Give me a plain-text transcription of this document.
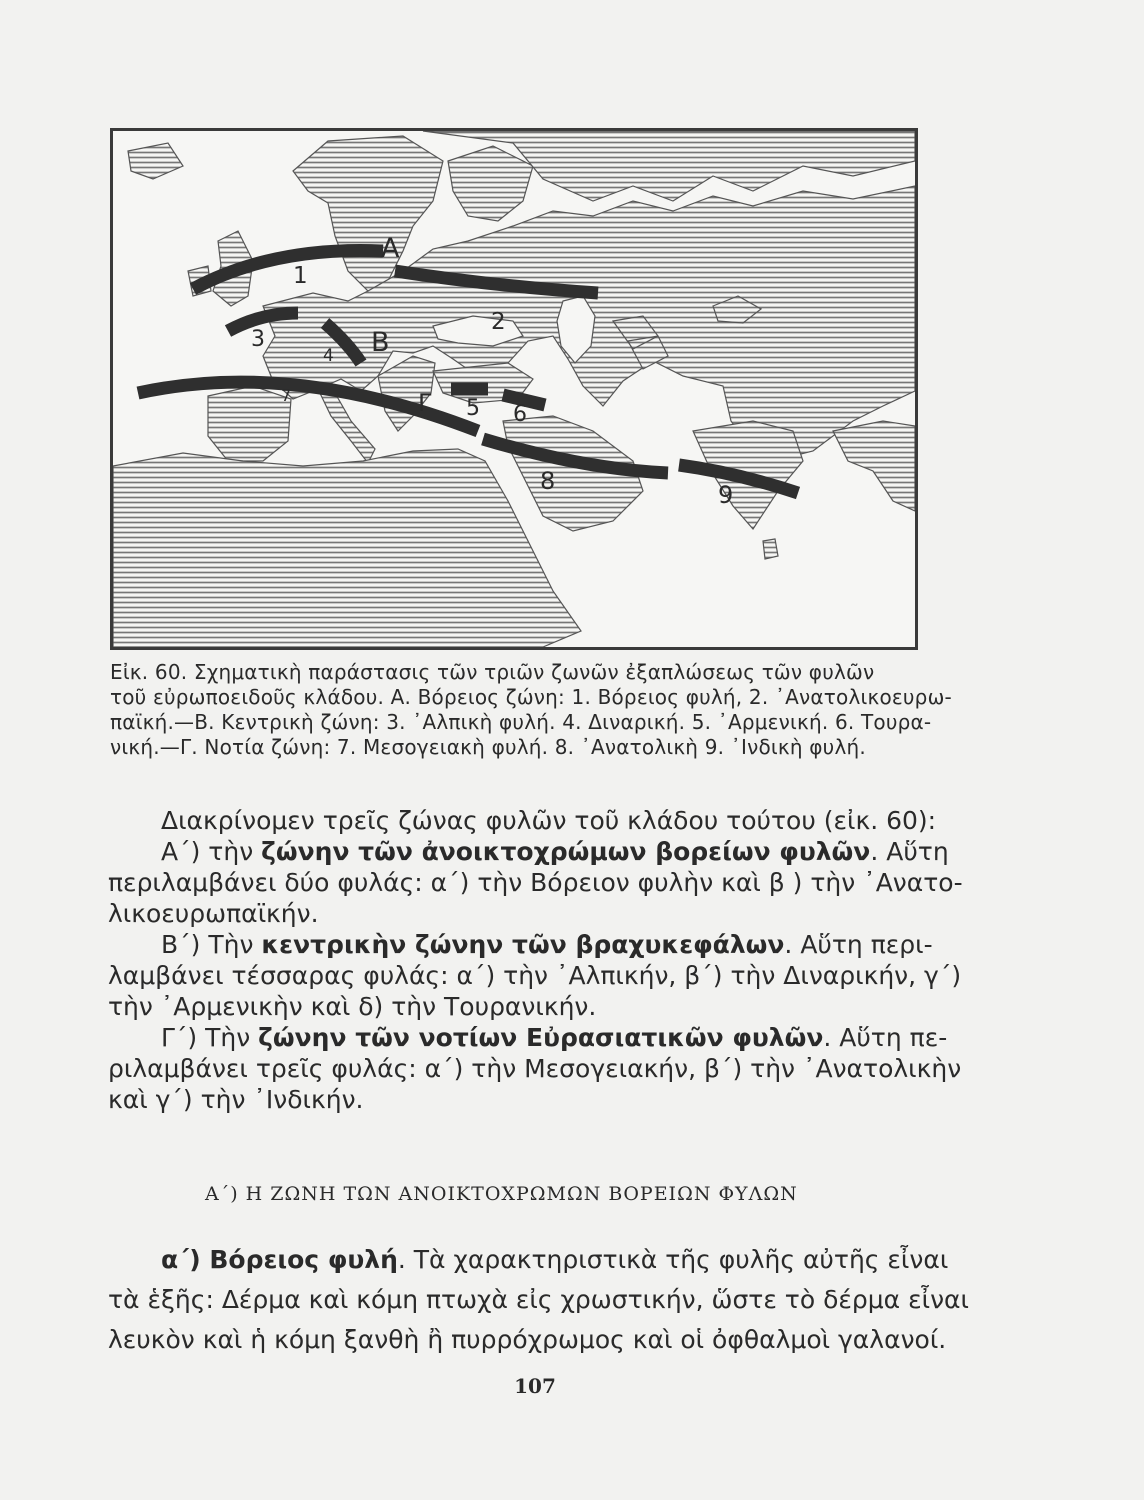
Α
Β
Γ
1
2
3
4
5 6
7
8	9
Εἰκ. 60. Σχηματικὴ παράστασις τῶν τριῶν ζωνῶν ἐξαπλώσεως τῶν φυλῶν
τοῦ εὐρωποειδοῦς κλάδου. Α. Βόρειος ζώνη: 1. Βόρειος φυλή, 2. ᾿Ανατολικοευρω-
παϊκή.—Β. Κεντρικὴ ζώνη: 3. ᾿Αλπικὴ φυλή. 4. Διναρική. 5. ᾿Αρμενική. 6. Τουρα-
νική.—Γ. Νοτία ζώνη: 7. Μεσογειακὴ φυλή. 8. ᾿Ανατολικὴ 9. ᾿Ινδικὴ φυλή.
Διακρίνομεν τρεῖς ζώνας φυλῶν τοῦ κλάδου τούτου (εἰκ. 60):
Α΄) τὴν ζώνην τῶν ἀνοικτοχρώμων βορείων φυλῶν. Αὕτη
περιλαμβάνει δύο φυλάς: α΄) τὴν Βόρειον φυλὴν καὶ β ) τὴν ᾿Ανατο-
λικοευρωπαϊκήν.
Β΄) Τὴν κεντρικὴν ζώνην τῶν βραχυκεφάλων. Αὕτη περι-
λαμβάνει τέσσαρας φυλάς: α΄) τὴν ᾿Αλπικήν, β΄) τὴν Διναρικήν, γ΄)
τὴν ᾿Αρμενικὴν καὶ δ) τὴν Τουρανικήν.
Γ΄) Τὴν ζώνην τῶν νοτίων Εὐρασιατικῶν φυλῶν. Αὕτη πε-
ριλαμβάνει τρεῖς φυλάς: α΄) τὴν Μεσογειακήν, β΄) τὴν ᾿Ανατολικὴν
καὶ γ΄) τὴν ᾿Ινδικήν.
Α΄) Η ΖΩΝΗ ΤΩΝ ΑΝΟΙΚΤΟΧΡΩΜΩΝ ΒΟΡΕΙΩΝ ΦΥΛΩΝ
α΄) Βόρειος φυλή. Τὰ χαρακτηριστικὰ τῆς φυλῆς αὐτῆς εἶναι
τὰ ἑξῆς: Δέρμα καὶ κόμη πτωχὰ εἰς χρωστικήν, ὥστε τὸ δέρμα εἶναι
λευκὸν καὶ ἡ κόμη ξανθὴ ἢ πυρρόχρωμος καὶ οἱ ὀφθαλμοὶ γαλανοί.
107
